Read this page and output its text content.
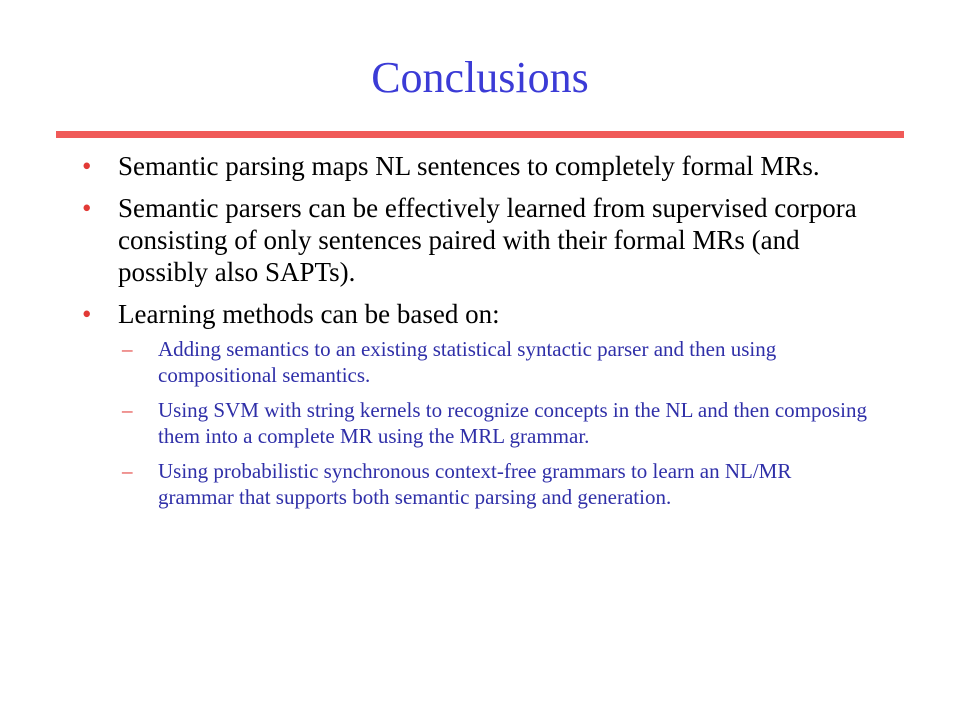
Conclusions
• Semantic parsing maps NL sentences to completely formal MRs.
• Semantic parsers can be effectively learned from supervised corpora consisting of only sentences paired with their formal MRs (and possibly also SAPTs).
• Learning methods can be based on:
– Adding semantics to an existing statistical syntactic parser and then using compositional semantics.
– Using SVM with string kernels to recognize concepts in the NL and then composing them into a complete MR using the MRL grammar.
– Using probabilistic synchronous context-free grammars to learn an NL/MR grammar that supports both semantic parsing and generation.
